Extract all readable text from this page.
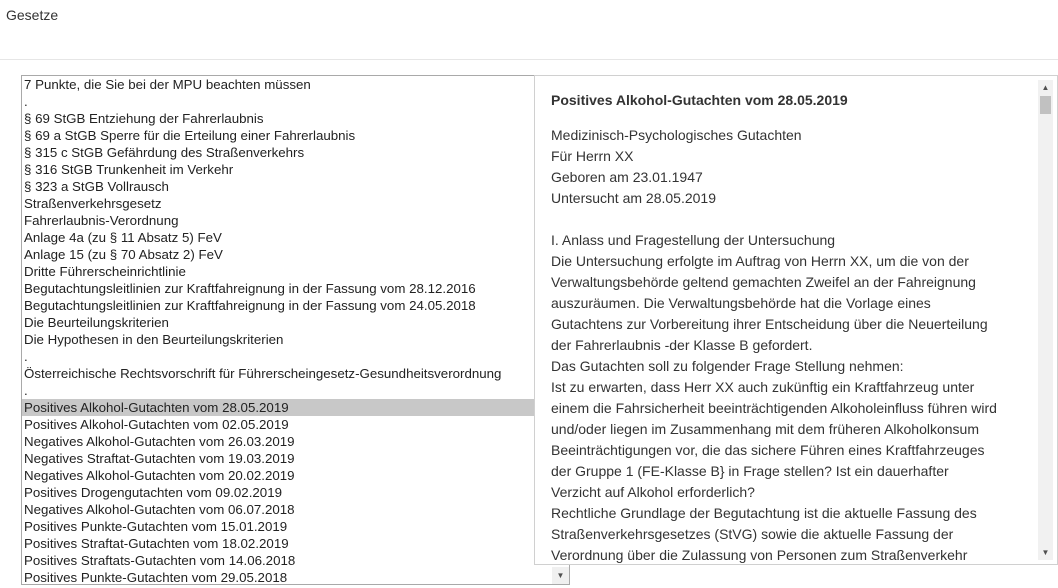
Gesetze
7 Punkte, die Sie bei der MPU beachten müssen
.
§ 69 StGB Entziehung der Fahrerlaubnis
§ 69 a StGB Sperre für die Erteilung einer Fahrerlaubnis
§ 315 c StGB Gefährdung des Straßenverkehrs
§ 316 StGB Trunkenheit im Verkehr
§ 323 a StGB Vollrausch
Straßenverkehrsgesetz
Fahrerlaubnis-Verordnung
Anlage 4a (zu § 11 Absatz 5) FeV
Anlage 15 (zu § 70 Absatz 2) FeV
Dritte Führerscheinrichtlinie
Begutachtungsleitlinien zur Kraftfahreignung in der Fassung vom 28.12.2016
Begutachtungsleitlinien zur Kraftfahreignung in der Fassung vom 24.05.2018
Die Beurteilungskriterien
Die Hypothesen in den Beurteilungskriterien
.
Österreichische Rechtsvorschrift für Führerscheingesetz-Gesundheitsverordnung
.
Positives Alkohol-Gutachten vom 28.05.2019
Positives Alkohol-Gutachten vom 02.05.2019
Negatives Alkohol-Gutachten vom 26.03.2019
Negatives Straftat-Gutachten vom 19.03.2019
Negatives Alkohol-Gutachten vom 20.02.2019
Positives Drogengutachten vom 09.02.2019
Negatives Alkohol-Gutachten vom 06.07.2018
Positives Punkte-Gutachten vom 15.01.2019
Positives Straftat-Gutachten vom 18.02.2019
Positives Straftats-Gutachten vom 14.06.2018
Positives Punkte-Gutachten vom 29.05.2018	▼
Positives Alkohol-Gutachten vom 28.05.2019
Medizinisch-Psychologisches Gutachten
Für Herrn XX
Geboren am 23.01.1947
Untersucht am 28.05.2019
I. Anlass und Fragestellung der Untersuchung
Die Untersuchung erfolgte im Auftrag von Herrn XX, um die von der
Verwaltungsbehörde geltend gemachten Zweifel an der Fahreignung
auszuräumen. Die Verwaltungsbehörde hat die Vorlage eines
Gutachtens zur Vorbereitung ihrer Entscheidung über die Neuerteilung
der Fahrerlaubnis -der Klasse B gefordert.
Das Gutachten soll zu folgender Frage Stellung nehmen:
Ist zu erwarten, dass Herr XX auch zukünftig ein Kraftfahrzeug unter
einem die Fahrsicherheit beeinträchtigenden Alkoholeinfluss führen wird
und/oder liegen im Zusammenhang mit dem früheren Alkoholkonsum
Beeinträchtigungen vor, die das sichere Führen eines Kraftfahrzeuges
der Gruppe 1 (FE-Klasse B} in Frage stellen? Ist ein dauerhafter
Verzicht auf Alkohol erforderlich?
Rechtliche Grundlage der Begutachtung ist die aktuelle Fassung des
Straßenverkehrsgesetzes (StVG) sowie die aktuelle Fassung der
Verordnung über die Zulassung von Personen zum Straßenverkehr
▲
▼
